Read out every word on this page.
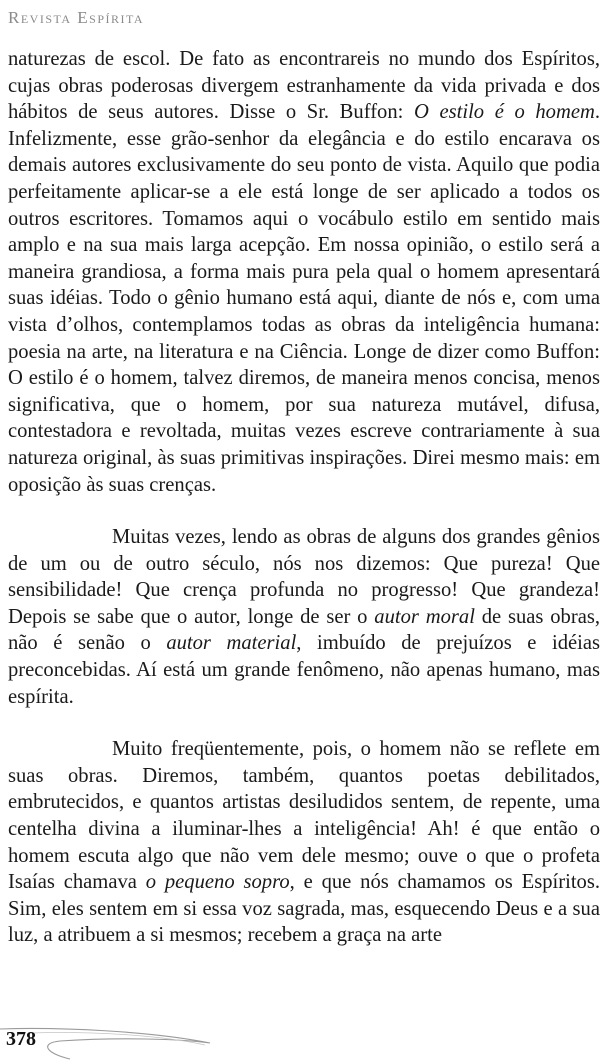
Revista Espírita

naturezas de escol. De fato as encontrareis no mundo dos Espíritos, cujas obras poderosas divergem estranhamente da vida privada e dos hábitos de seus autores. Disse o Sr. Buffon: O estilo é o homem. Infelizmente, esse grão-senhor da elegância e do estilo encarava os demais autores exclusivamente do seu ponto de vista. Aquilo que podia perfeitamente aplicar-se a ele está longe de ser aplicado a todos os outros escritores. Tomamos aqui o vocábulo estilo em sentido mais amplo e na sua mais larga acepção. Em nossa opinião, o estilo será a maneira grandiosa, a forma mais pura pela qual o homem apresentará suas idéias. Todo o gênio humano está aqui, diante de nós e, com uma vista d’olhos, contemplamos todas as obras da inteligência humana: poesia na arte, na literatura e na Ciência. Longe de dizer como Buffon: O estilo é o homem, talvez diremos, de maneira menos concisa, menos significativa, que o homem, por sua natureza mutável, difusa, contestadora e revoltada, muitas vezes escreve contrariamente à sua natureza original, às suas primitivas inspirações. Direi mesmo mais: em oposição às suas crenças.

Muitas vezes, lendo as obras de alguns dos grandes gênios de um ou de outro século, nós nos dizemos: Que pureza! Que sensibilidade! Que crença profunda no progresso! Que grandeza! Depois se sabe que o autor, longe de ser o autor moral de suas obras, não é senão o autor material, imbuído de prejuízos e idéias preconcebidas. Aí está um grande fenômeno, não apenas humano, mas espírita.

Muito freqüentemente, pois, o homem não se reflete em suas obras. Diremos, também, quantos poetas debilitados, embrutecidos, e quantos artistas desiludidos sentem, de repente, uma centelha divina a iluminar-lhes a inteligência! Ah! é que então o homem escuta algo que não vem dele mesmo; ouve o que o profeta Isaías chamava o pequeno sopro, e que nós chamamos os Espíritos. Sim, eles sentem em si essa voz sagrada, mas, esquecendo Deus e a sua luz, a atribuem a si mesmos; recebem a graça na arte

378
